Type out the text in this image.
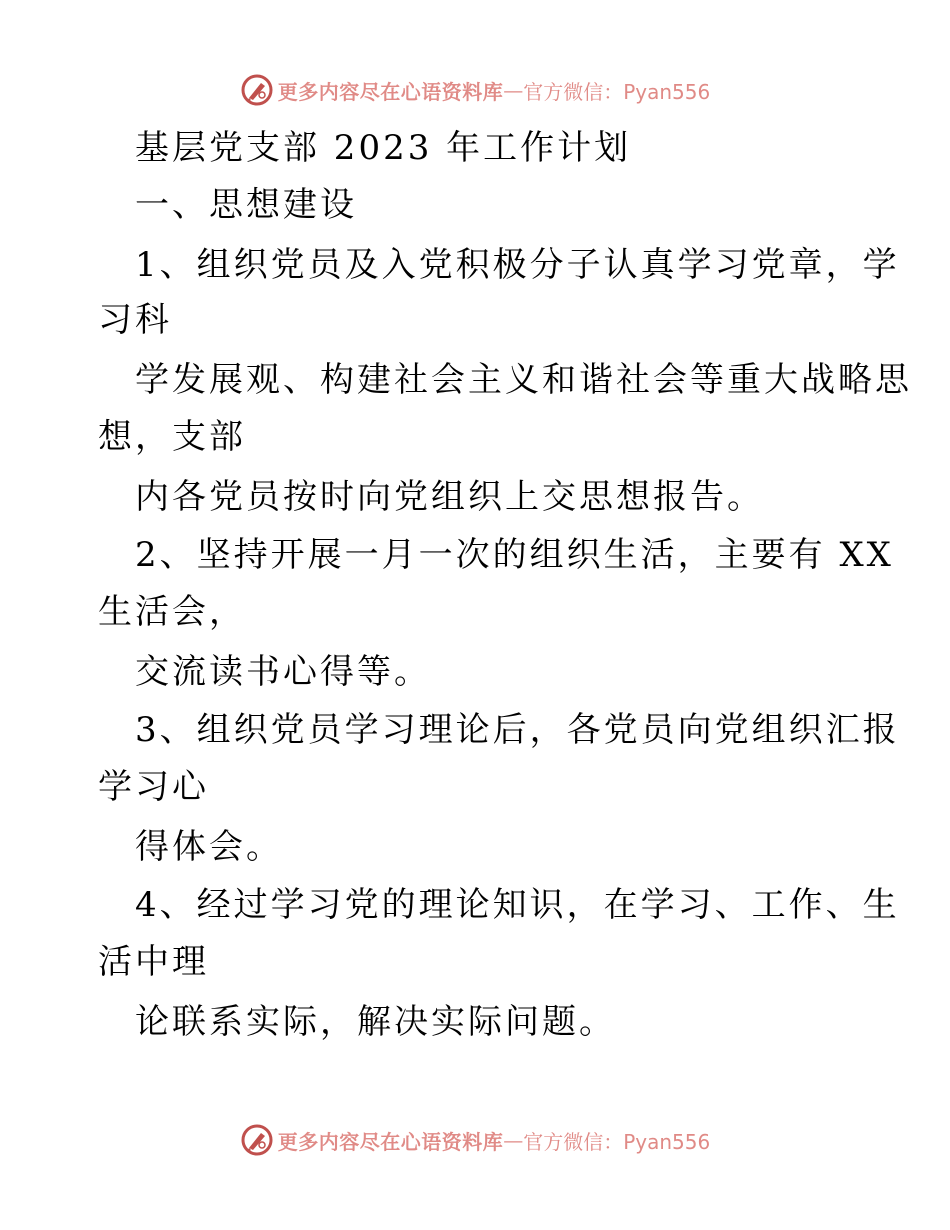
更多内容尽在心语资料库 — 官方微信：Pyan556
基层党支部 2023 年工作计划
一、思想建设
1、组织党员及入党积极分子认真学习党章，学
习科
学发展观、构建社会主义和谐社会等重大战略思
想，支部
内各党员按时向党组织上交思想报告。
2、坚持开展一月一次的组织生活，主要有 XX
生活会，
交流读书心得等。
3、组织党员学习理论后，各党员向党组织汇报
学习心
得体会。
4、经过学习党的理论知识，在学习、工作、生
活中理
论联系实际，解决实际问题。
更多内容尽在心语资料库 — 官方微信：Pyan556
